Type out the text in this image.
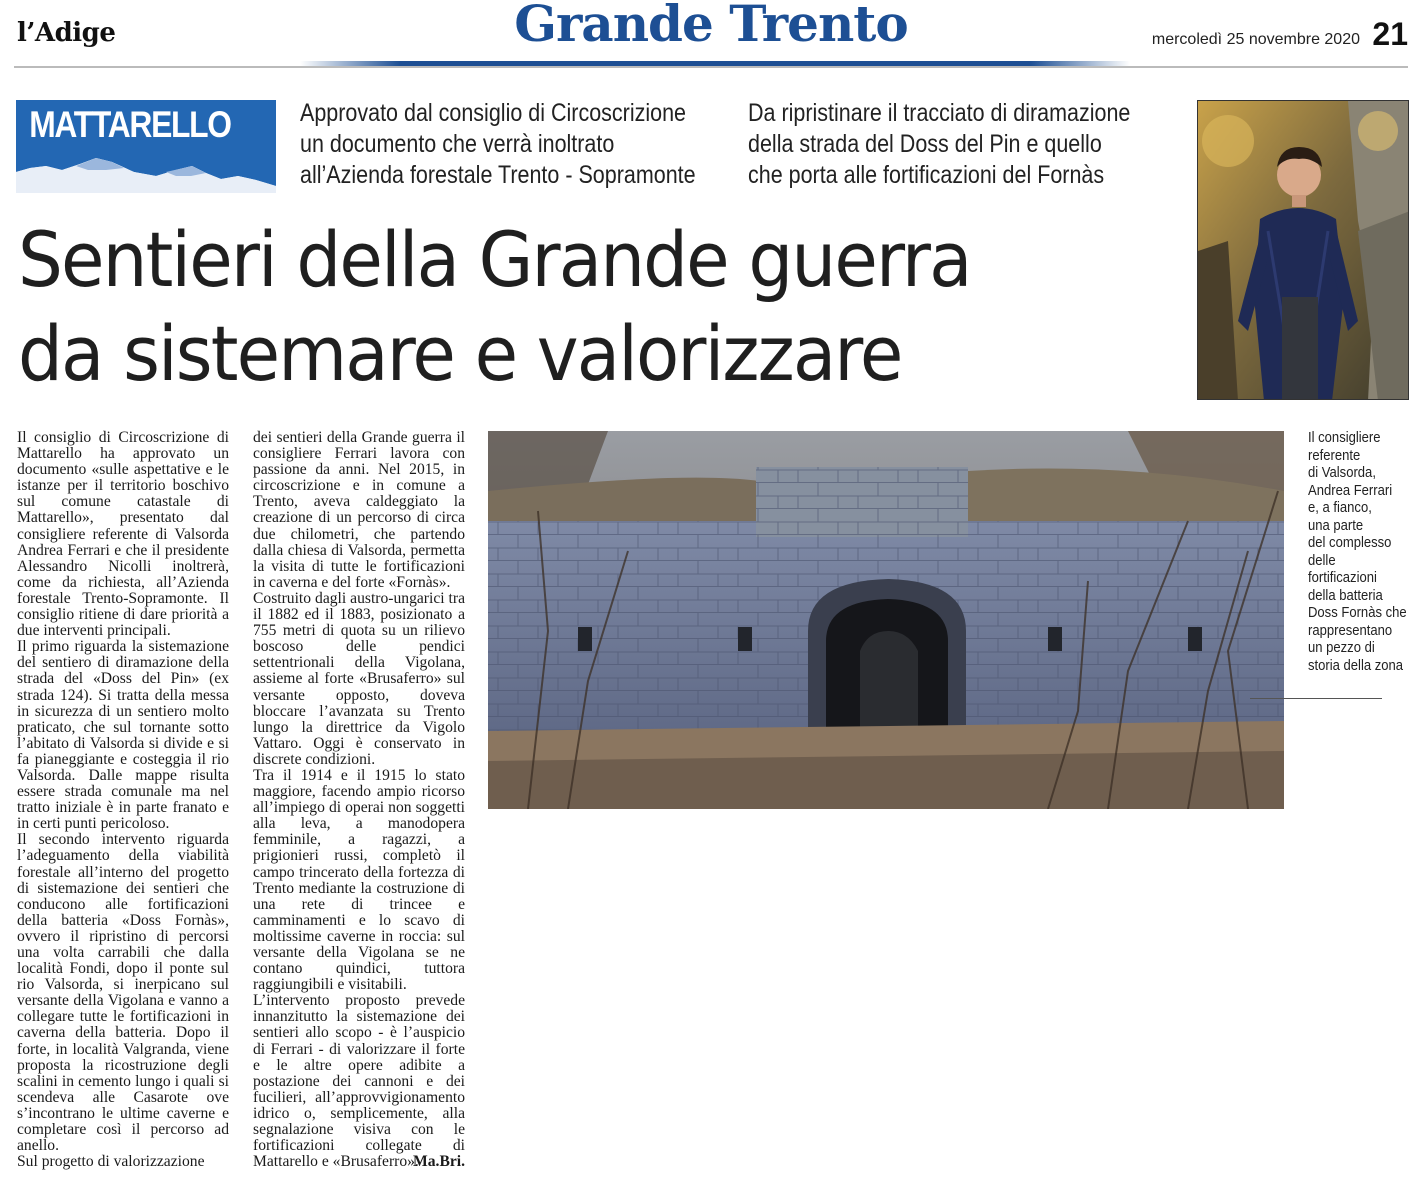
l’Adige	Grande Trento	mercoledì 25 novembre 2020 21
MATTARELLO	Approvato dal consiglio di Circoscrizione
un documento che verrà inoltrato
all’Azienda forestale Trento - Sopramonte
Da ripristinare il tracciato di diramazione
della strada del Doss del Pin e quello
che porta alle fortificazioni del Fornàs
Sentieri della Grande guerra
da sistemare e valorizzare

Il consiglio di Circoscrizione di Mattarello ha approvato un documento «sulle aspettative e le istanze per il territorio boschivo sul comune catastale di Mattarello», presentato dal consigliere referente di Valsorda Andrea Ferrari e che il presidente Alessandro Nicolli inoltrerà, come da richiesta, all’Azienda forestale Trento-Sopramonte. Il consiglio ritiene di dare priorità a due interventi principali.

Il primo riguarda la sistemazione del sentiero di diramazione della strada del «Doss del Pin» (ex strada 124). Si tratta della messa in sicurezza di un sentiero molto praticato, che sul tornante sotto l’abitato di Valsorda si divide e si fa pianeggiante e costeggia il rio Valsorda. Dalle mappe risulta essere strada comunale ma nel tratto iniziale è in parte franato e in certi punti pericoloso.

Il secondo intervento riguarda l’adeguamento della viabilità forestale all’interno del progetto di sistemazione dei sentieri che conducono alle fortificazioni della batteria «Doss Fornàs», ovvero il ripristino di percorsi una volta carrabili che dalla località Fondi, dopo il ponte sul rio Valsorda, si inerpicano sul versante della Vigolana e vanno a collegare tutte le fortificazioni in caverna della batteria. Dopo il forte, in località Valgranda, viene proposta la ricostruzione degli scalini in cemento lungo i quali si scendeva alle Casarote ove s’incontrano le ultime caverne e completare così il percorso ad anello.

Sul progetto di valorizzazione

dei sentieri della Grande guerra il consigliere Ferrari lavora con passione da anni. Nel 2015, in circoscrizione e in comune a Trento, aveva caldeggiato la creazione di un percorso di circa due chilometri, che partendo dalla chiesa di Valsorda, permetta la visita di tutte le fortificazioni in caverna e del forte «Fornàs».

Costruito dagli austro-ungarici tra il 1882 ed il 1883, posizionato a 755 metri di quota su un rilievo boscoso delle pendici settentrionali della Vigolana, assieme al forte «Brusaferro» sul versante opposto, doveva bloccare l’avanzata su Trento lungo la direttrice da Vigolo Vattaro. Oggi è conservato in discrete condizioni.

Tra il 1914 e il 1915 lo stato maggiore, facendo ampio ricorso all’impiego di operai non soggetti alla leva, a manodopera femminile, a ragazzi, a prigionieri russi, completò il campo trincerato della fortezza di Trento mediante la costruzione di una rete di trincee e camminamenti e lo scavo di moltissime caverne in roccia: sul versante della Vigolana se ne contano quindici, tuttora raggiungibili e visitabili.

L’intervento proposto prevede innanzitutto la sistemazione dei sentieri allo scopo - è l’auspicio di Ferrari - di valorizzare il forte e le altre opere adibite a postazione dei cannoni e dei fucilieri, all’approvvigionamento idrico o, semplicemente, alla segnalazione visiva con le fortificazioni collegate di Mattarello e «Brusaferro».

Ma.Bri.

Il consigliere
referente
di Valsorda,
Andrea Ferrari
e, a fianco,
una parte
del complesso
delle
fortificazioni
della batteria
Doss Fornàs che
rappresentano
un pezzo di
storia della zona
